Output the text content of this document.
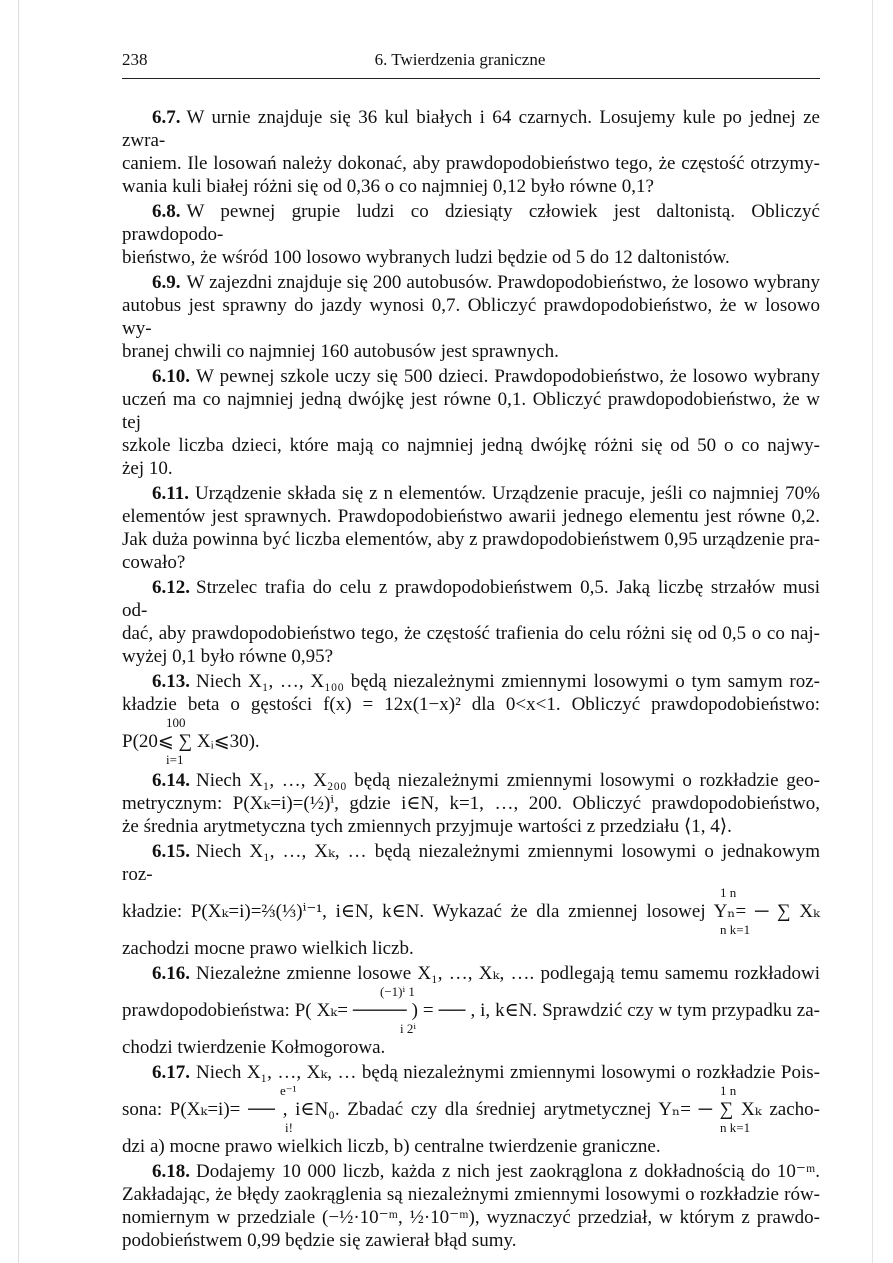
238	6. Twierdzenia graniczne
6.7. W urnie znajduje się 36 kul białych i 64 czarnych. Losujemy kule po jednej ze zwra-
caniem. Ile losowań należy dokonać, aby prawdopodobieństwo tego, że częstość otrzymy-
wania kuli białej różni się od 0,36 o co najmniej 0,12 było równe 0,1?
6.8. W pewnej grupie ludzi co dziesiąty człowiek jest daltonistą. Obliczyć prawdopodo-
bieństwo, że wśród 100 losowo wybranych ludzi będzie od 5 do 12 daltonistów.
6.9. W zajezdni znajduje się 200 autobusów. Prawdopodobieństwo, że losowo wybrany
autobus jest sprawny do jazdy wynosi 0,7. Obliczyć prawdopodobieństwo, że w losowo wy-
branej chwili co najmniej 160 autobusów jest sprawnych.
6.10. W pewnej szkole uczy się 500 dzieci. Prawdopodobieństwo, że losowo wybrany
uczeń ma co najmniej jedną dwójkę jest równe 0,1. Obliczyć prawdopodobieństwo, że w tej
szkole liczba dzieci, które mają co najmniej jedną dwójkę różni się od 50 o co najwy-
żej 10.
6.11. Urządzenie składa się z n elementów. Urządzenie pracuje, jeśli co najmniej 70%
elementów jest sprawnych. Prawdopodobieństwo awarii jednego elementu jest równe 0,2.
Jak duża powinna być liczba elementów, aby z prawdopodobieństwem 0,95 urządzenie pra-
cowało?
6.12. Strzelec trafia do celu z prawdopodobieństwem 0,5. Jaką liczbę strzałów musi od-
dać, aby prawdopodobieństwo tego, że częstość trafienia do celu różni się od 0,5 o co naj-
wyżej 0,1 było równe 0,95?
6.13. Niech X₁, …, X₁₀₀ będą niezależnymi zmiennymi losowymi o tym samym roz-
kładzie beta o gęstości f(x) = 12x(1−x)² dla 0<x<1. Obliczyć prawdopodobieństwo:
100
P(20⩽ ∑ Xᵢ⩽30).
i=1
6.14. Niech X₁, …, X₂₀₀ będą niezależnymi zmiennymi losowymi o rozkładzie geo-
metrycznym: P(Xₖ=i)=(½)ⁱ, gdzie i∈N, k=1, …, 200. Obliczyć prawdopodobieństwo,
że średnia arytmetyczna tych zmiennych przyjmuje wartości z przedziału ⟨1, 4⟩.
6.15. Niech X₁, …, Xₖ, … będą niezależnymi zmiennymi losowymi o jednakowym roz-
1 n
kładzie: P(Xₖ=i)=⅔(⅓)ⁱ⁻¹, i∈N, k∈N. Wykazać że dla zmiennej losowej Yₙ= ─ ∑ Xₖ
n k=1
zachodzi mocne prawo wielkich liczb.
6.16. Niezależne zmienne losowe X₁, …, Xₖ, …. podlegają temu samemu rozkładowi
(−1)ⁱ 1
prawdopodobieństwa: P( Xₖ= ──── ) = ── , i, k∈N. Sprawdzić czy w tym przypadku za-
i 2ⁱ
chodzi twierdzenie Kołmogorowa.
6.17. Niech X₁, …, Xₖ, … będą niezależnymi zmiennymi losowymi o rozkładzie Pois-
e⁻¹	1 n
sona: P(Xₖ=i)= ── , i∈N₀. Zbadać czy dla średniej arytmetycznej Yₙ= ─ ∑ Xₖ zacho-
i!	n k=1
dzi a) mocne prawo wielkich liczb, b) centralne twierdzenie graniczne.
6.18. Dodajemy 10 000 liczb, każda z nich jest zaokrąglona z dokładnością do 10⁻ᵐ.
Zakładając, że błędy zaokrąglenia są niezależnymi zmiennymi losowymi o rozkładzie rów-
nomiernym w przedziale (−½·10⁻ᵐ, ½·10⁻ᵐ), wyznaczyć przedział, w którym z prawdo-
podobieństwem 0,99 będzie się zawierał błąd sumy.
